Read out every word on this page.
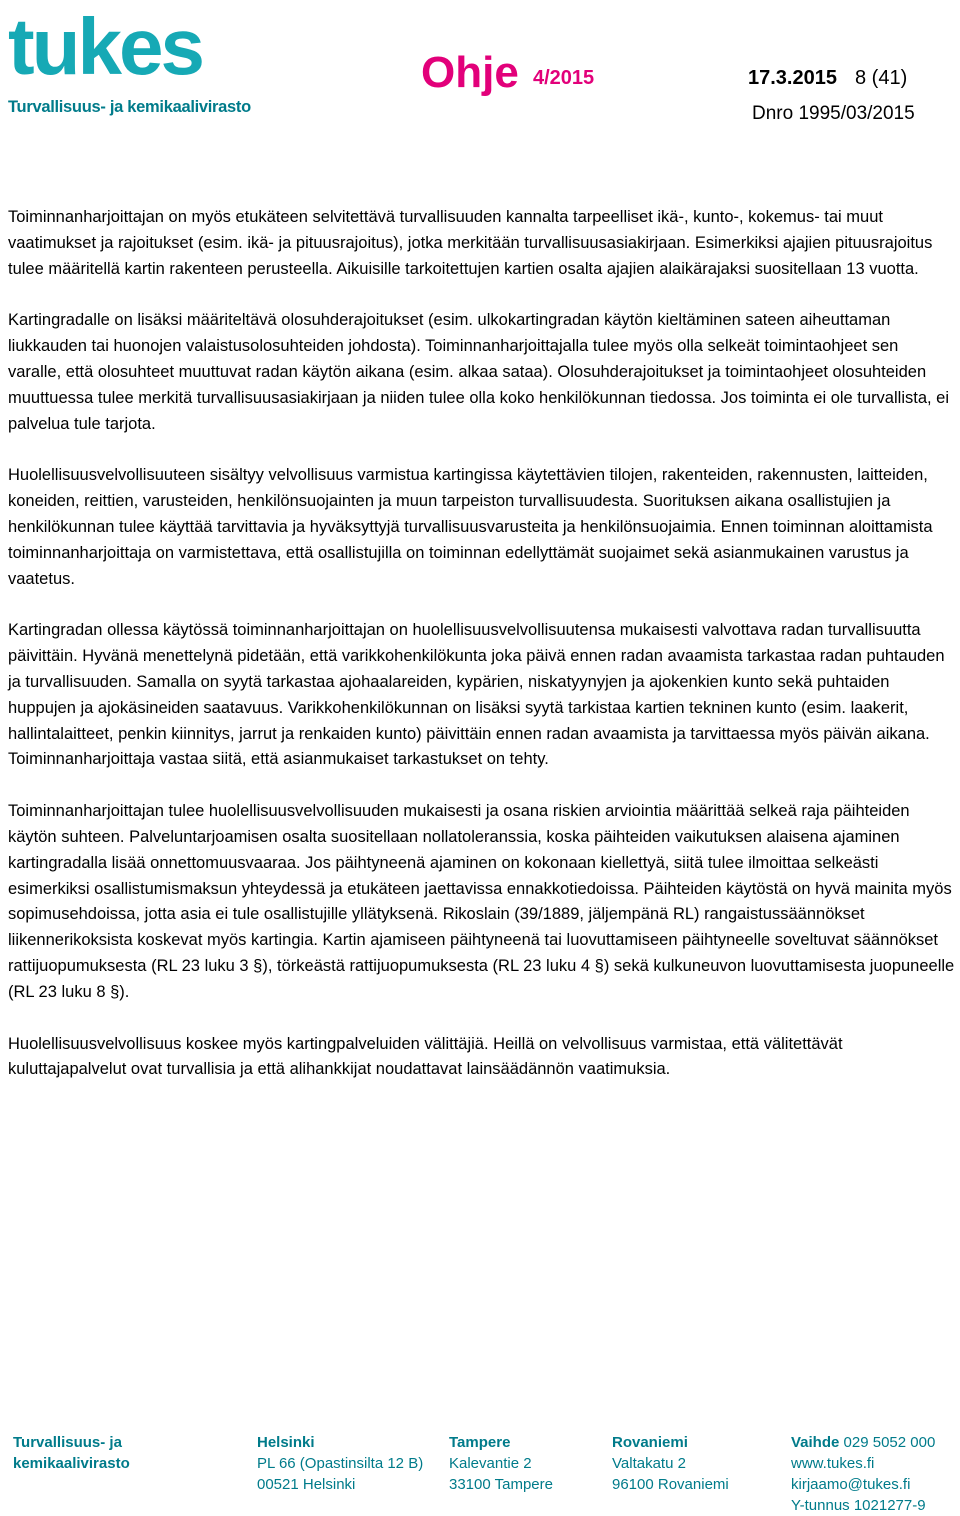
tukes
Turvallisuus- ja kemikaalivirasto
Ohje 4/2015	17.3.2015 8 (41)
Dnro 1995/03/2015

Toiminnanharjoittajan on myös etukäteen selvitettävä turvallisuuden kannalta tarpeelliset ikä-, kunto-, kokemus- tai muut vaatimukset ja rajoitukset (esim. ikä- ja pituusrajoitus), jotka merkitään turvallisuusasiakirjaan. Esimerkiksi ajajien pituusrajoitus tulee määritellä kartin rakenteen perusteella. Aikuisille tarkoitettujen kartien osalta ajajien alaikärajaksi suositellaan 13 vuotta.

Kartingradalle on lisäksi määriteltävä olosuhderajoitukset (esim. ulkokartingradan käytön kieltäminen sateen aiheuttaman liukkauden tai huonojen valaistusolosuhteiden johdosta). Toiminnanharjoittajalla tulee myös olla selkeät toimintaohjeet sen varalle, että olosuhteet muuttuvat radan käytön aikana (esim. alkaa sataa). Olosuhderajoitukset ja toimintaohjeet olosuhteiden muuttuessa tulee merkitä turvallisuusasiakirjaan ja niiden tulee olla koko henkilökunnan tiedossa. Jos toiminta ei ole turvallista, ei palvelua tule tarjota.

Huolellisuusvelvollisuuteen sisältyy velvollisuus varmistua kartingissa käytettävien tilojen, rakenteiden, rakennusten, laitteiden, koneiden, reittien, varusteiden, henkilönsuojainten ja muun tarpeiston turvallisuudesta. Suorituksen aikana osallistujien ja henkilökunnan tulee käyttää tarvittavia ja hyväksyttyjä turvallisuusvarusteita ja henkilönsuojaimia. Ennen toiminnan aloittamista toiminnanharjoittaja on varmistettava, että osallistujilla on toiminnan edellyttämät suojaimet sekä asianmukainen varustus ja vaatetus.

Kartingradan ollessa käytössä toiminnanharjoittajan on huolellisuusvelvollisuutensa mukaisesti valvottava radan turvallisuutta päivittäin. Hyvänä menettelynä pidetään, että varikkohenkilökunta joka päivä ennen radan avaamista tarkastaa radan puhtauden ja turvallisuuden. Samalla on syytä tarkastaa ajohaalareiden, kypärien, niskatyynyjen ja ajokenkien kunto sekä puhtaiden huppujen ja ajokäsineiden saatavuus. Varikkohenkilökunnan on lisäksi syytä tarkistaa kartien tekninen kunto (esim. laakerit, hallintalaitteet, penkin kiinnitys, jarrut ja renkaiden kunto) päivittäin ennen radan avaamista ja tarvittaessa myös päivän aikana. Toiminnanharjoittaja vastaa siitä, että asianmukaiset tarkastukset on tehty.

Toiminnanharjoittajan tulee huolellisuusvelvollisuuden mukaisesti ja osana riskien arviointia määrittää selkeä raja päihteiden käytön suhteen. Palveluntarjoamisen osalta suositellaan nollatoleranssia, koska päihteiden vaikutuksen alaisena ajaminen kartingradalla lisää onnettomuusvaaraa. Jos päihtyneenä ajaminen on kokonaan kiellettyä, siitä tulee ilmoittaa selkeästi esimerkiksi osallistumismaksun yhteydessä ja etukäteen jaettavissa ennakkotiedoissa. Päihteiden käytöstä on hyvä mainita myös sopimusehdoissa, jotta asia ei tule osallistujille yllätyksenä. Rikoslain (39/1889, jäljempänä RL) rangaistussäännökset liikennerikoksista koskevat myös kartingia. Kartin ajamiseen päihtyneenä tai luovuttamiseen päihtyneelle soveltuvat säännökset rattijuopumuksesta (RL 23 luku 3 §), törkeästä rattijuopumuksesta (RL 23 luku 4 §) sekä kulkuneuvon luovuttamisesta juopuneelle (RL 23 luku 8 §).

Huolellisuusvelvollisuus koskee myös kartingpalveluiden välittäjiä. Heillä on velvollisuus varmistaa, että välitettävät kuluttajapalvelut ovat turvallisia ja että alihankkijat noudattavat lainsäädännön vaatimuksia.

Turvallisuus- ja
kemikaalivirasto
Helsinki
PL 66 (Opastinsilta 12 B)
00521 Helsinki
Tampere
Kalevantie 2
33100 Tampere
Rovaniemi
Valtakatu 2
96100 Rovaniemi
Vaihde 029 5052 000
www.tukes.fi
kirjaamo@tukes.fi
Y-tunnus 1021277-9
